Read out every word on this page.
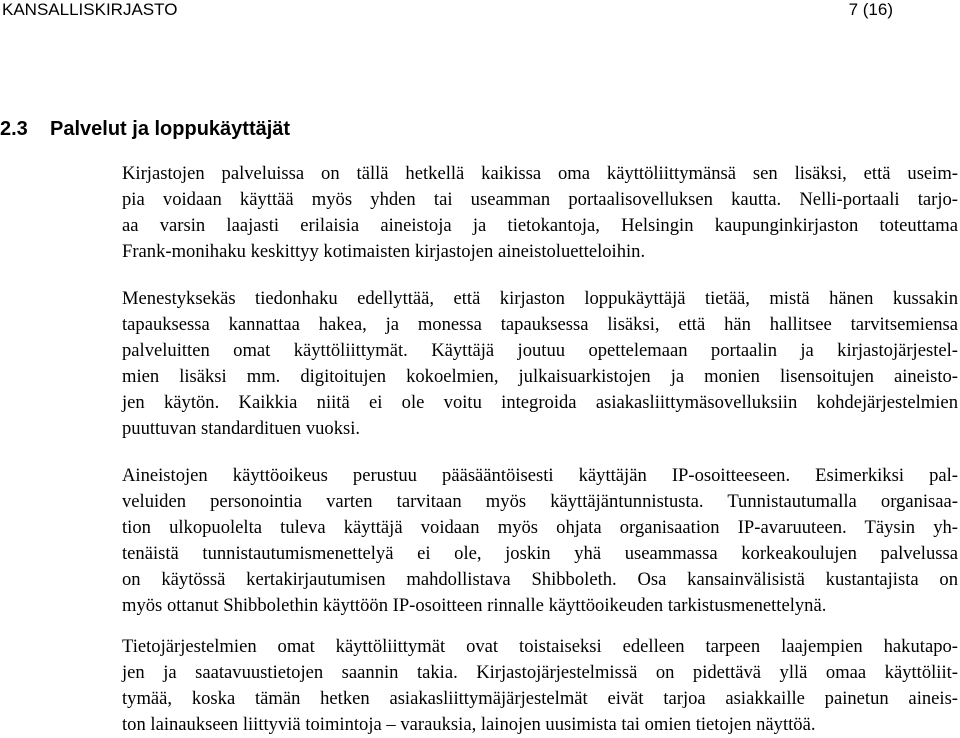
KANSALLISKIRJASTO	7 (16)
2.3 Palvelut ja loppukäyttäjät
Kirjastojen palveluissa on tällä hetkellä kaikissa oma käyttöliittymänsä sen lisäksi, että useim-
pia voidaan käyttää myös yhden tai useamman portaalisovelluksen kautta. Nelli-portaali tarjo-
aa varsin laajasti erilaisia aineistoja ja tietokantoja, Helsingin kaupunginkirjaston toteuttama
Frank-monihaku keskittyy kotimaisten kirjastojen aineistoluetteloihin.
Menestyksekäs tiedonhaku edellyttää, että kirjaston loppukäyttäjä tietää, mistä hänen kussakin
tapauksessa kannattaa hakea, ja monessa tapauksessa lisäksi, että hän hallitsee tarvitsemiensa
palveluitten omat käyttöliittymät. Käyttäjä joutuu opettelemaan portaalin ja kirjastojärjestel-
mien lisäksi mm. digitoitujen kokoelmien, julkaisuarkistojen ja monien lisensoitujen aineisto-
jen käytön. Kaikkia niitä ei ole voitu integroida asiakasliittymäsovelluksiin kohdejärjestelmien
puuttuvan standardituen vuoksi.
Aineistojen käyttöoikeus perustuu pääsääntöisesti käyttäjän IP-osoitteeseen. Esimerkiksi pal-
veluiden personointia varten tarvitaan myös käyttäjäntunnistusta. Tunnistautumalla organisaa-
tion ulkopuolelta tuleva käyttäjä voidaan myös ohjata organisaation IP-avaruuteen. Täysin yh-
tenäistä tunnistautumismenettelyä ei ole, joskin yhä useammassa korkeakoulujen palvelussa
on käytössä kertakirjautumisen mahdollistava Shibboleth. Osa kansainvälisistä kustantajista on
myös ottanut Shibbolethin käyttöön IP-osoitteen rinnalle käyttöoikeuden tarkistusmenettelynä.
Tietojärjestelmien omat käyttöliittymät ovat toistaiseksi edelleen tarpeen laajempien hakutapo-
jen ja saatavuustietojen saannin takia. Kirjastojärjestelmissä on pidettävä yllä omaa käyttöliit-
tymää, koska tämän hetken asiakasliittymäjärjestelmät eivät tarjoa asiakkaille painetun aineis-
ton lainaukseen liittyviä toimintoja – varauksia, lainojen uusimista tai omien tietojen näyttöä.
